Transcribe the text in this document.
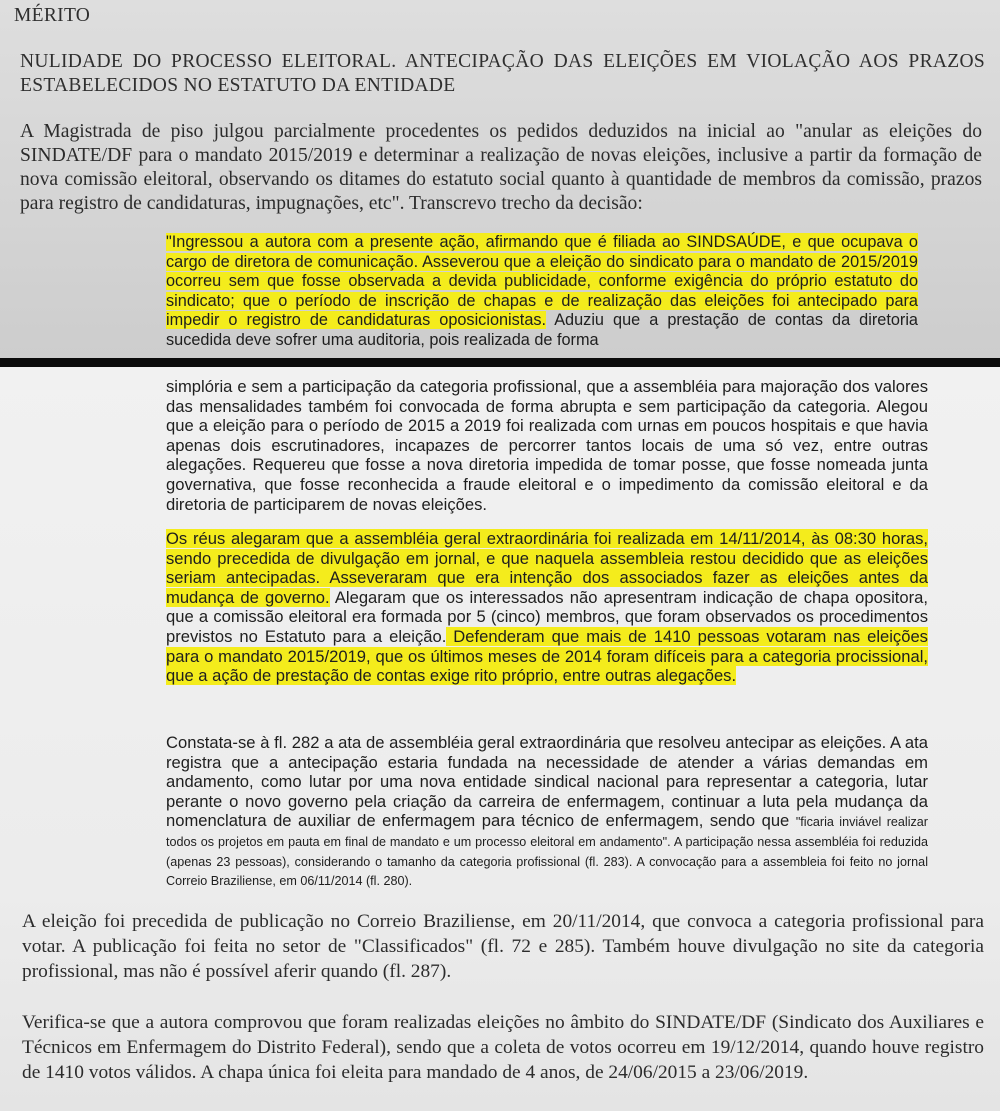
MÉRITO
NULIDADE DO PROCESSO ELEITORAL. ANTECIPAÇÃO DAS ELEIÇÕES EM VIOLAÇÃO AOS PRAZOS ESTABELECIDOS NO ESTATUTO DA ENTIDADE

A Magistrada de piso julgou parcialmente procedentes os pedidos deduzidos na inicial ao "anular as eleições do SINDATE/DF para o mandato 2015/2019 e determinar a realização de novas eleições, inclusive a partir da formação de nova comissão eleitoral, observando os ditames do estatuto social quanto à quantidade de membros da comissão, prazos para registro de candidaturas, impugnações, etc". Transcrevo trecho da decisão:

"Ingressou a autora com a presente ação, afirmando que é filiada ao SINDSAÚDE, e que ocupava o cargo de diretora de comunicação. Asseverou que a eleição do sindicato para o mandato de 2015/2019 ocorreu sem que fosse observada a devida publicidade, conforme exigência do próprio estatuto do sindicato; que o período de inscrição de chapas e de realização das eleições foi antecipado para impedir o registro de candidaturas oposicionistas. Aduziu que a prestação de contas da diretoria sucedida deve sofrer uma auditoria, pois realizada de forma

simplória e sem a participação da categoria profissional, que a assembléia para majoração dos valores das mensalidades também foi convocada de forma abrupta e sem participação da categoria. Alegou que a eleição para o período de 2015 a 2019 foi realizada com urnas em poucos hospitais e que havia apenas dois escrutinadores, incapazes de percorrer tantos locais de uma só vez, entre outras alegações. Requereu que fosse a nova diretoria impedida de tomar posse, que fosse nomeada junta governativa, que fosse reconhecida a fraude eleitoral e o impedimento da comissão eleitoral e da diretoria de participarem de novas eleições.

Os réus alegaram que a assembléia geral extraordinária foi realizada em 14/11/2014, às 08:30 horas, sendo precedida de divulgação em jornal, e que naquela assembleia restou decidido que as eleições seriam antecipadas. Asseveraram que era intenção dos associados fazer as eleições antes da mudança de governo. Alegaram que os interessados não apresentram indicação de chapa opositora, que a comissão eleitoral era formada por 5 (cinco) membros, que foram observados os procedimentos previstos no Estatuto para a eleição. Defenderam que mais de 1410 pessoas votaram nas eleições para o mandato 2015/2019, que os últimos meses de 2014 foram difíceis para a categoria procissional, que a ação de prestação de contas exige rito próprio, entre outras alegações.

Constata-se à fl. 282 a ata de assembléia geral extraordinária que resolveu antecipar as eleições. A ata registra que a antecipação estaria fundada na necessidade de atender a várias demandas em andamento, como lutar por uma nova entidade sindical nacional para representar a categoria, lutar perante o novo governo pela criação da carreira de enfermagem, continuar a luta pela mudança da nomenclatura de auxiliar de enfermagem para técnico de enfermagem, sendo que "ficaria inviável realizar todos os projetos em pauta em final de mandato e um processo eleitoral em andamento". A participação nessa assembléia foi reduzida (apenas 23 pessoas), considerando o tamanho da categoria profissional (fl. 283). A convocação para a assembleia foi feito no jornal Correio Braziliense, em 06/11/2014 (fl. 280).

A eleição foi precedida de publicação no Correio Braziliense, em 20/11/2014, que convoca a categoria profissional para votar. A publicação foi feita no setor de "Classificados" (fl. 72 e 285). Também houve divulgação no site da categoria profissional, mas não é possível aferir quando (fl. 287).

Verifica-se que a autora comprovou que foram realizadas eleições no âmbito do SINDATE/DF (Sindicato dos Auxiliares e Técnicos em Enfermagem do Distrito Federal), sendo que a coleta de votos ocorreu em 19/12/2014, quando houve registro de 1410 votos válidos. A chapa única foi eleita para mandado de 4 anos, de 24/06/2015 a 23/06/2019.
